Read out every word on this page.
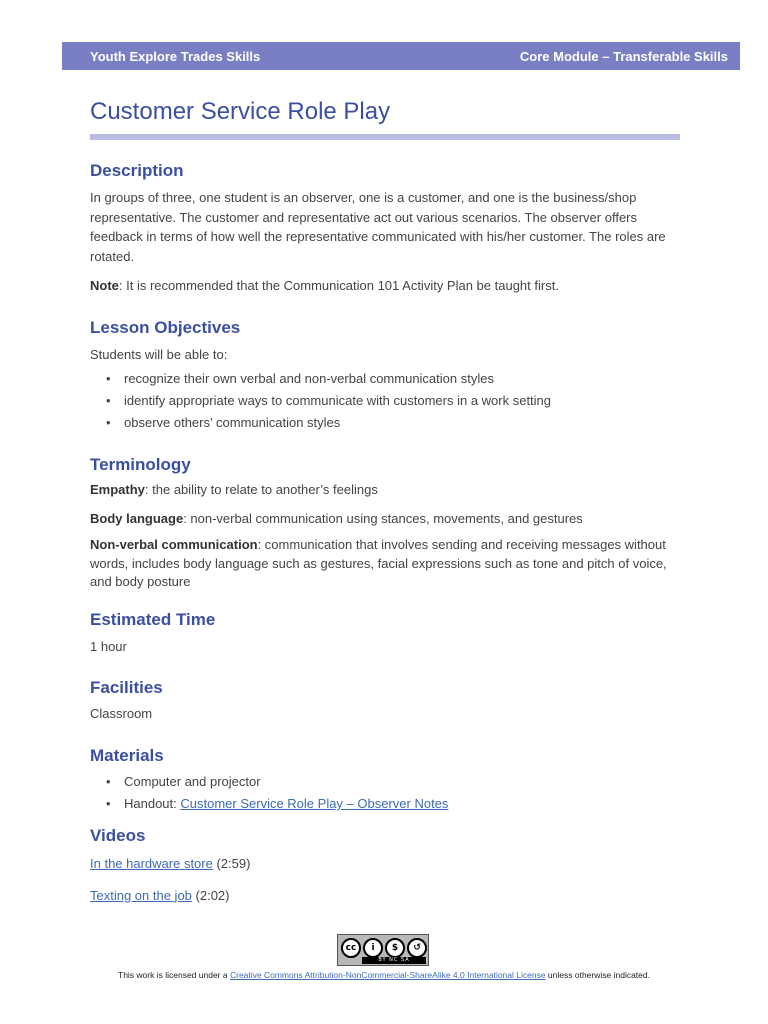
Youth Explore Trades Skills	Core Module – Transferable Skills
Customer Service Role Play
Description

In groups of three, one student is an observer, one is a customer, and one is the business/shop representative. The customer and representative act out various scenarios. The observer offers feedback in terms of how well the representative communicated with his/her customer. The roles are rotated.

Note: It is recommended that the Communication 101 Activity Plan be taught first.

Lesson Objectives

Students will be able to:

• recognize their own verbal and non-verbal communication styles
• identify appropriate ways to communicate with customers in a work setting
• observe others’ communication styles
Terminology

Empathy: the ability to relate to another’s feelings

Body language: non-verbal communication using stances, movements, and gestures

Non-verbal communication: communication that involves sending and receiving messages without words, includes body language such as gestures, facial expressions such as tone and pitch of voice, and body posture

Estimated Time

1 hour

Facilities

Classroom

Materials
• Computer and projector
• Handout: Customer Service Role Play – Observer Notes
Videos

In the hardware store (2:59)

Texting on the job (2:02)

cc	i	$	↺
BY NC SA
This work is licensed under a Creative Commons Attribution-NonCommercial-ShareAlike 4.0 International License unless otherwise indicated.
